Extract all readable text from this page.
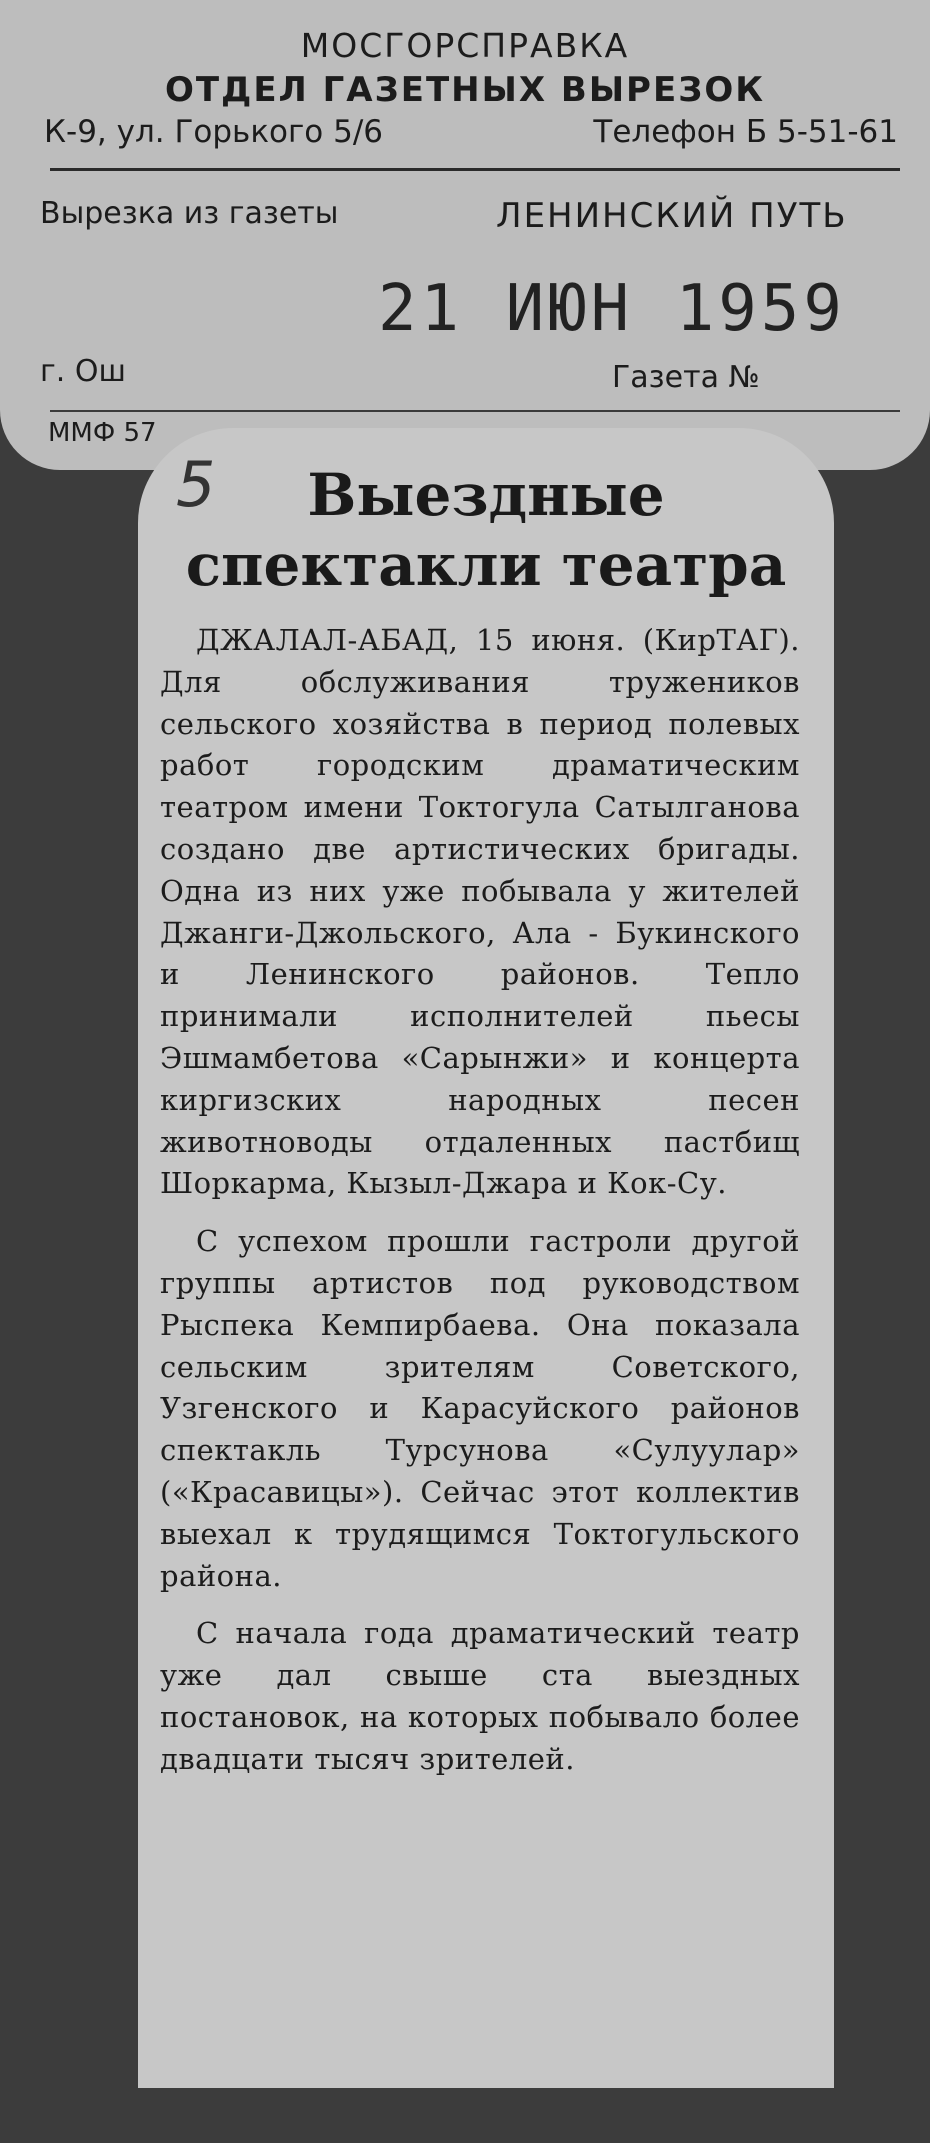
МОСГОРСПРАВКА
ОТДЕЛ ГАЗЕТНЫХ ВЫРЕЗОК
К-9, ул. Горького 5/6	Телефон Б 5-51-61
Вырезка из газеты	ЛЕНИНСКИЙ ПУТЬ
21 ИЮН 1959
г. Ош	Газета №
ММФ 57
5	Выездные спектакли театра

ДЖАЛАЛ-АБАД, 15 июня. (КирТАГ). Для обслуживания тружеников сельского хозяйства в период полевых работ городским драматическим театром имени Токтогула Сатылганова создано две артистических бригады. Одна из них уже побывала у жителей Джанги-Джольского, Ала - Букинского и Ленинского районов. Тепло принимали исполнителей пьесы Эшмамбетова «Сарынжи» и концерта киргизских народных песен животноводы отдаленных пастбищ Шоркарма, Кызыл-Джара и Кок-Су.

С успехом прошли гастроли другой группы артистов под руководством Рыспека Кемпирбаева. Она показала сельским зрителям Советского, Узгенского и Карасуйского районов спектакль Турсунова «Сулуулар» («Красавицы»). Сейчас этот коллектив выехал к трудящимся Токтогульского района.

С начала года драматический театр уже дал свыше ста выездных постановок, на которых побывало более двадцати тысяч зрителей.
